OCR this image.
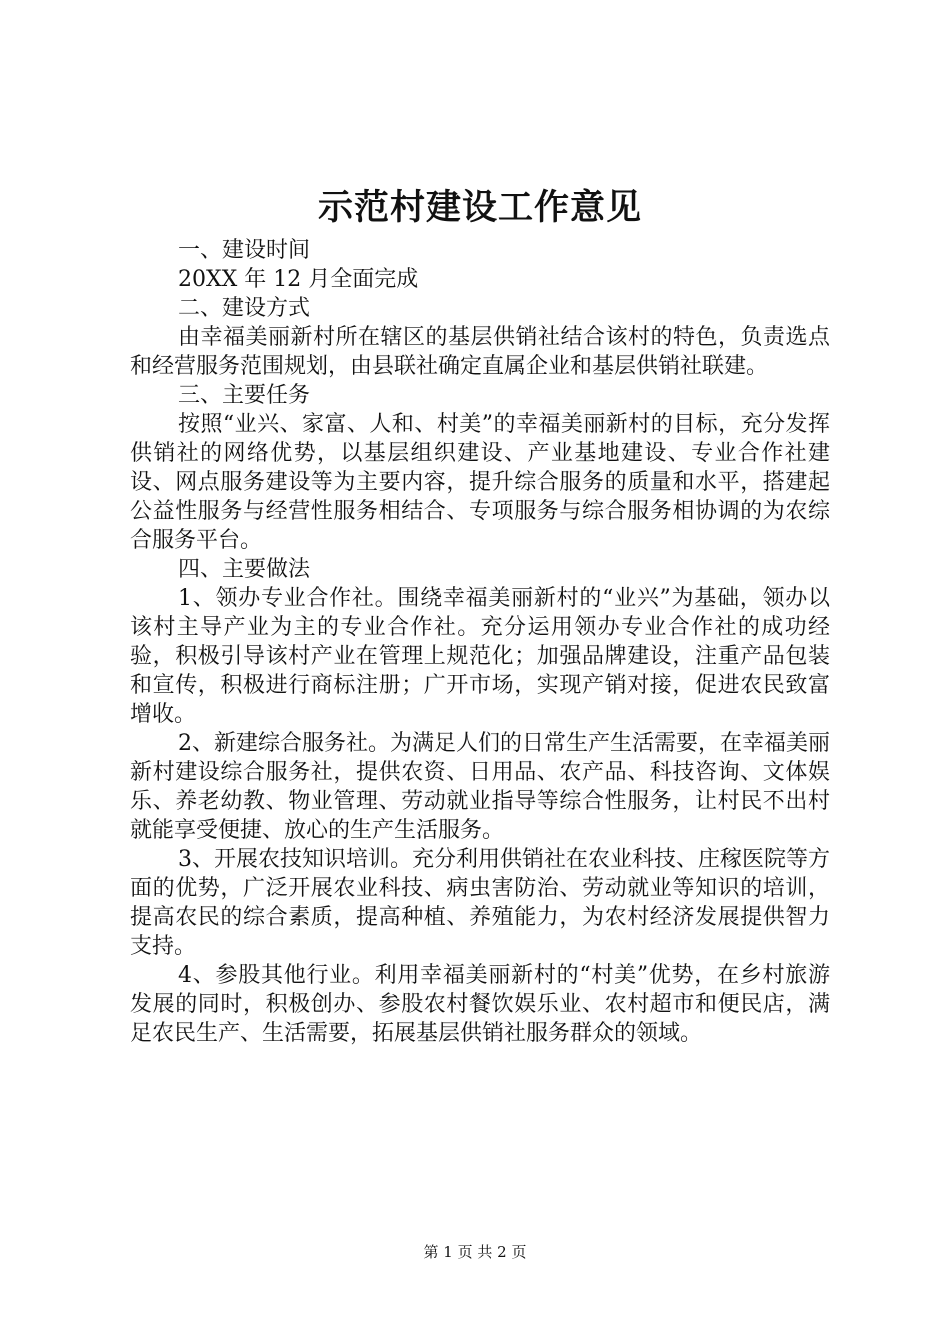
示范村建设工作意见

一、建设时间

20XX 年 12 月全面完成

二、建设方式

由幸福美丽新村所在辖区的基层供销社结合该村的特色，负责选点和经营服务范围规划，由县联社确定直属企业和基层供销社联建。

三、主要任务

按照“业兴、家富、人和、村美”的幸福美丽新村的目标，充分发挥供销社的网络优势，以基层组织建设、产业基地建设、专业合作社建设、网点服务建设等为主要内容，提升综合服务的质量和水平，搭建起公益性服务与经营性服务相结合、专项服务与综合服务相协调的为农综合服务平台。

四、主要做法

1、领办专业合作社。围绕幸福美丽新村的“业兴”为基础，领办以该村主导产业为主的专业合作社。充分运用领办专业合作社的成功经验，积极引导该村产业在管理上规范化；加强品牌建设，注重产品包装和宣传，积极进行商标注册；广开市场，实现产销对接，促进农民致富增收。

2、新建综合服务社。为满足人们的日常生产生活需要，在幸福美丽新村建设综合服务社，提供农资、日用品、农产品、科技咨询、文体娱乐、养老幼教、物业管理、劳动就业指导等综合性服务，让村民不出村就能享受便捷、放心的生产生活服务。

3、开展农技知识培训。充分利用供销社在农业科技、庄稼医院等方面的优势，广泛开展农业科技、病虫害防治、劳动就业等知识的培训，提高农民的综合素质，提高种植、养殖能力，为农村经济发展提供智力支持。

4、参股其他行业。利用幸福美丽新村的“村美”优势，在乡村旅游发展的同时，积极创办、参股农村餐饮娱乐业、农村超市和便民店，满足农民生产、生活需要，拓展基层供销社服务群众的领域。

第 1 页 共 2 页
